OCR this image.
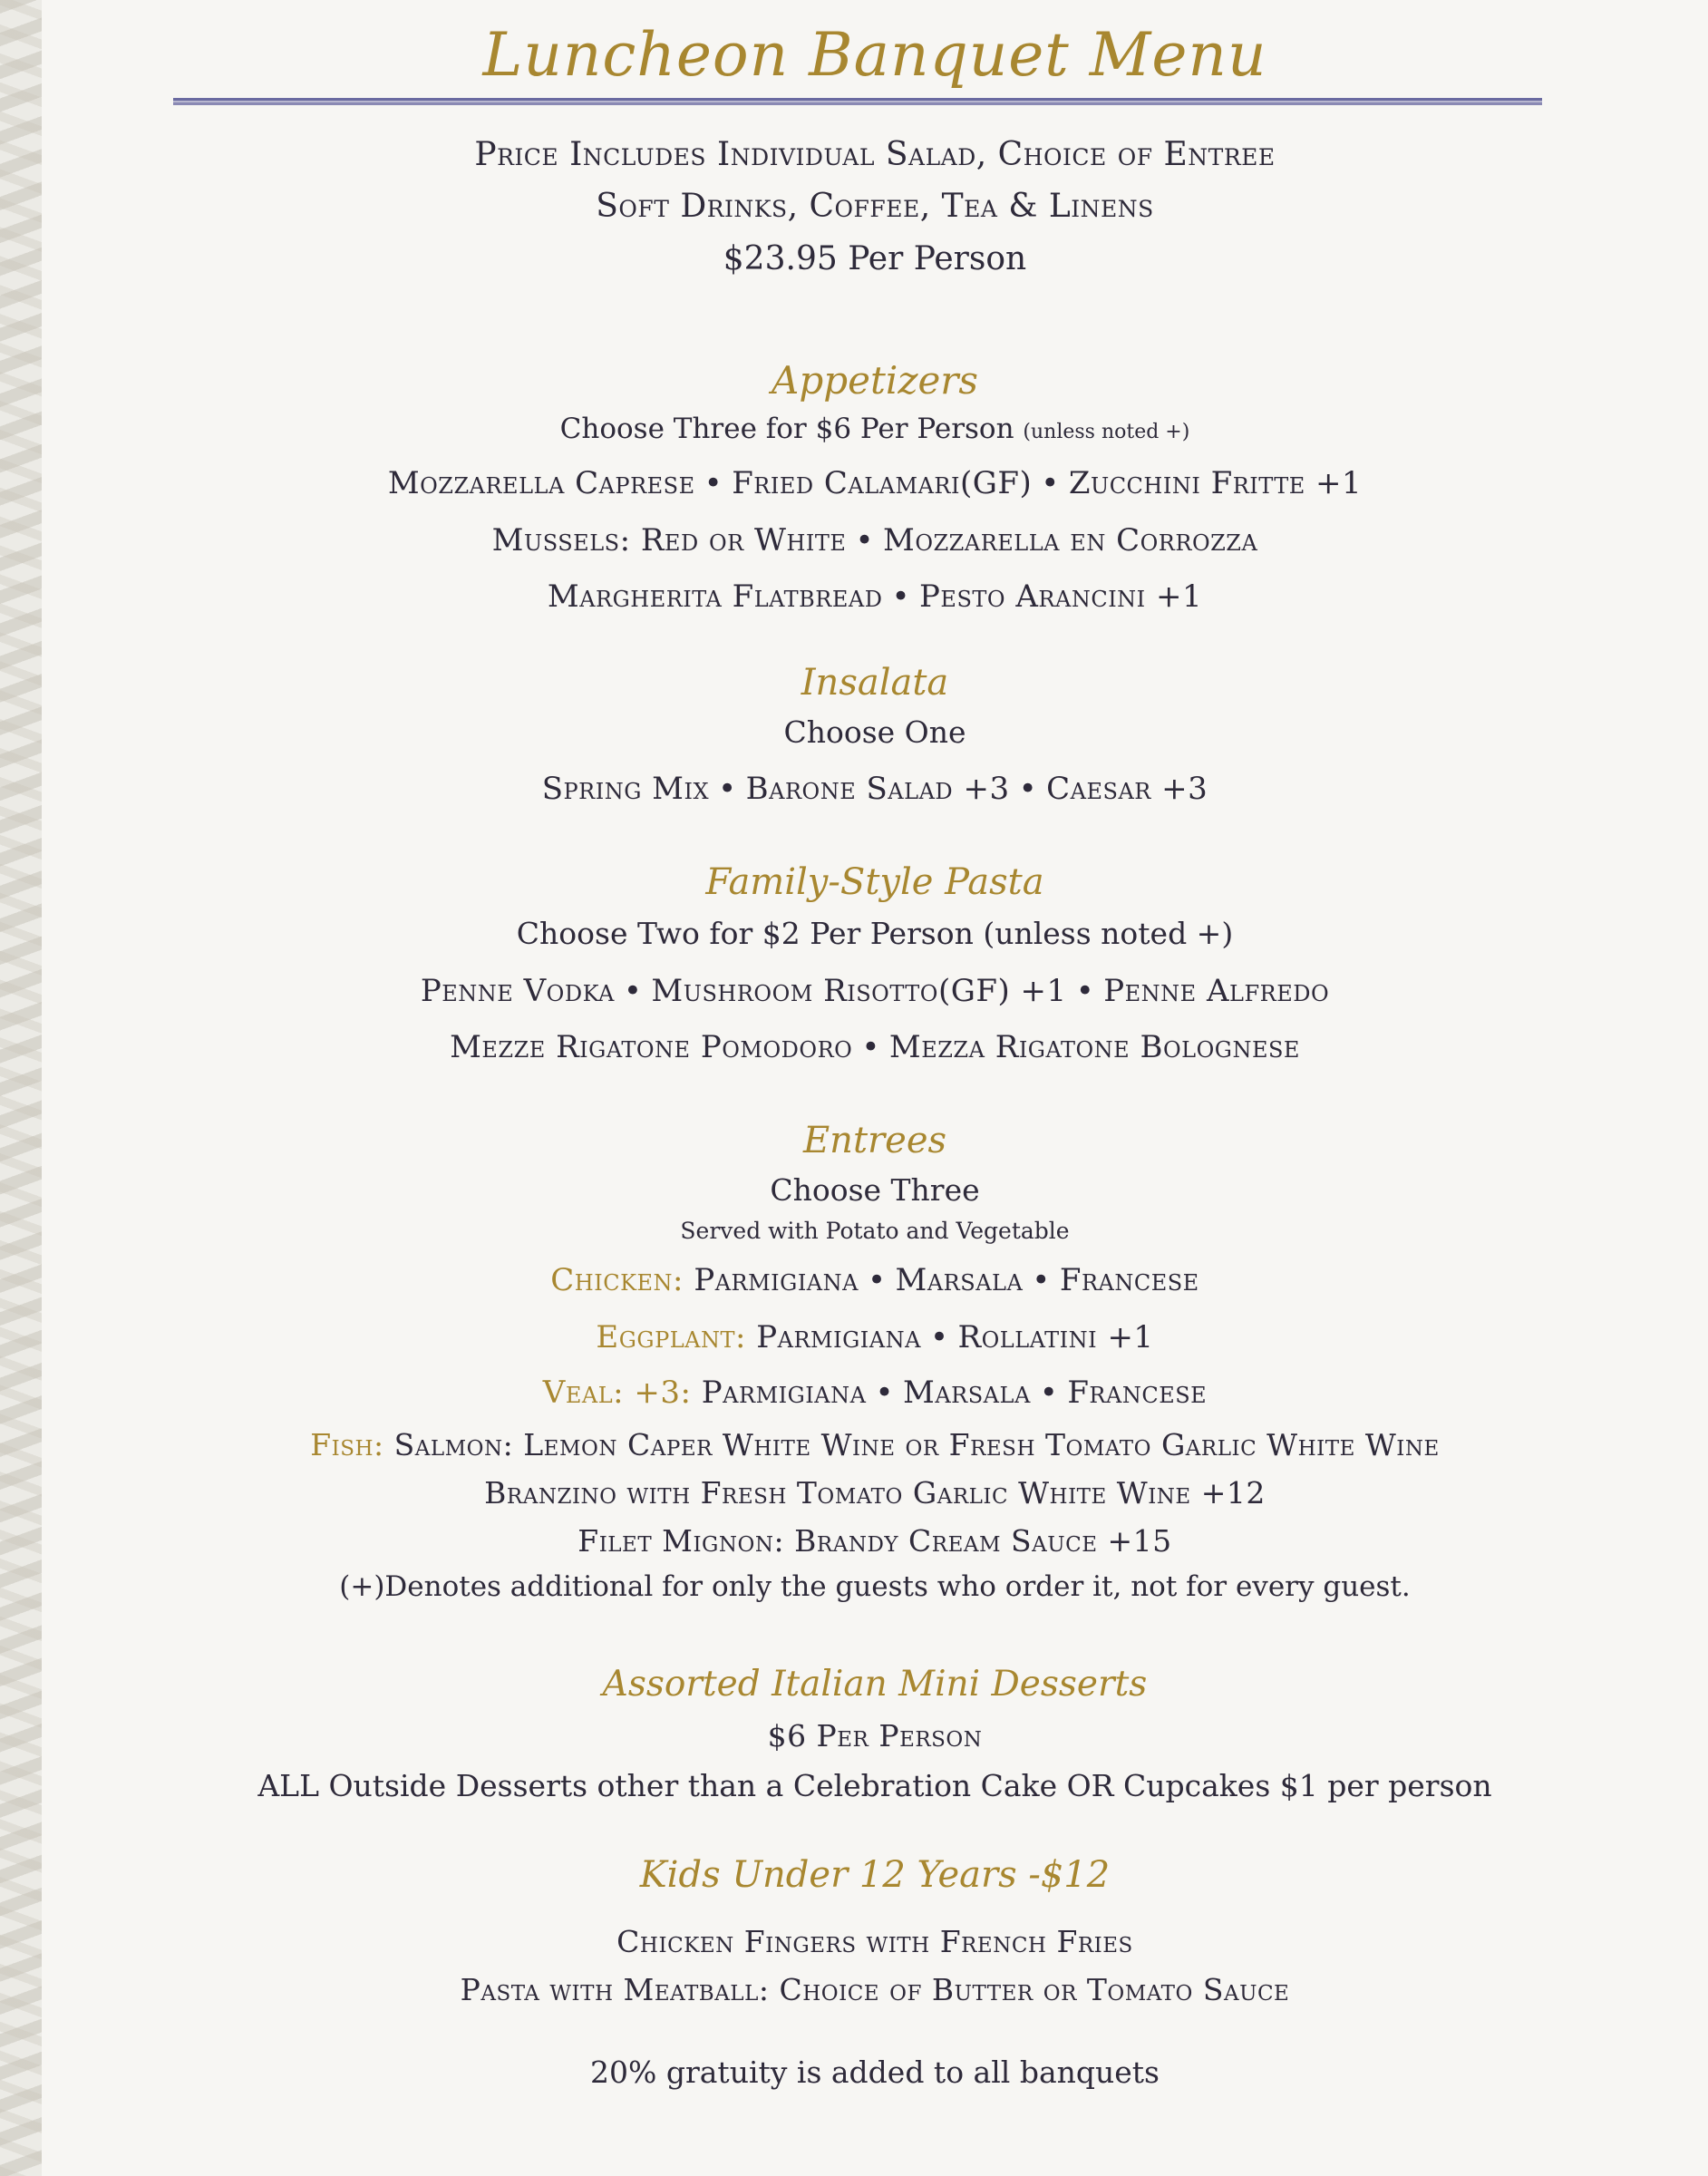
Luncheon Banquet Menu
Price Includes Individual Salad, Choice of Entree
Soft Drinks, Coffee, Tea & Linens
$23.95 Per Person
Appetizers
Choose Three for $6 Per Person (unless noted +)
Mozzarella Caprese • Fried Calamari(GF) • Zucchini Fritte +1
Mussels: Red or White • Mozzarella en Corrozza
Margherita Flatbread • Pesto Arancini +1
Insalata
Choose One
Spring Mix • Barone Salad +3 • Caesar +3
Family-Style Pasta
Choose Two for $2 Per Person (unless noted +)
Penne Vodka • Mushroom Risotto(GF) +1 • Penne Alfredo
Mezze Rigatone Pomodoro • Mezza Rigatone Bolognese
Entrees
Choose Three
Served with Potato and Vegetable
Chicken: Parmigiana • Marsala • Francese
Eggplant: Parmigiana • Rollatini +1
Veal: +3: Parmigiana • Marsala • Francese
Fish: Salmon: Lemon Caper White Wine or Fresh Tomato Garlic White Wine
Branzino with Fresh Tomato Garlic White Wine +12
Filet Mignon: Brandy Cream Sauce +15
(+)Denotes additional for only the guests who order it, not for every guest.
Assorted Italian Mini Desserts
$6 Per Person
ALL Outside Desserts other than a Celebration Cake OR Cupcakes $1 per person
Kids Under 12 Years -$12
Chicken Fingers with French Fries
Pasta with Meatball: Choice of Butter or Tomato Sauce
20% gratuity is added to all banquets
